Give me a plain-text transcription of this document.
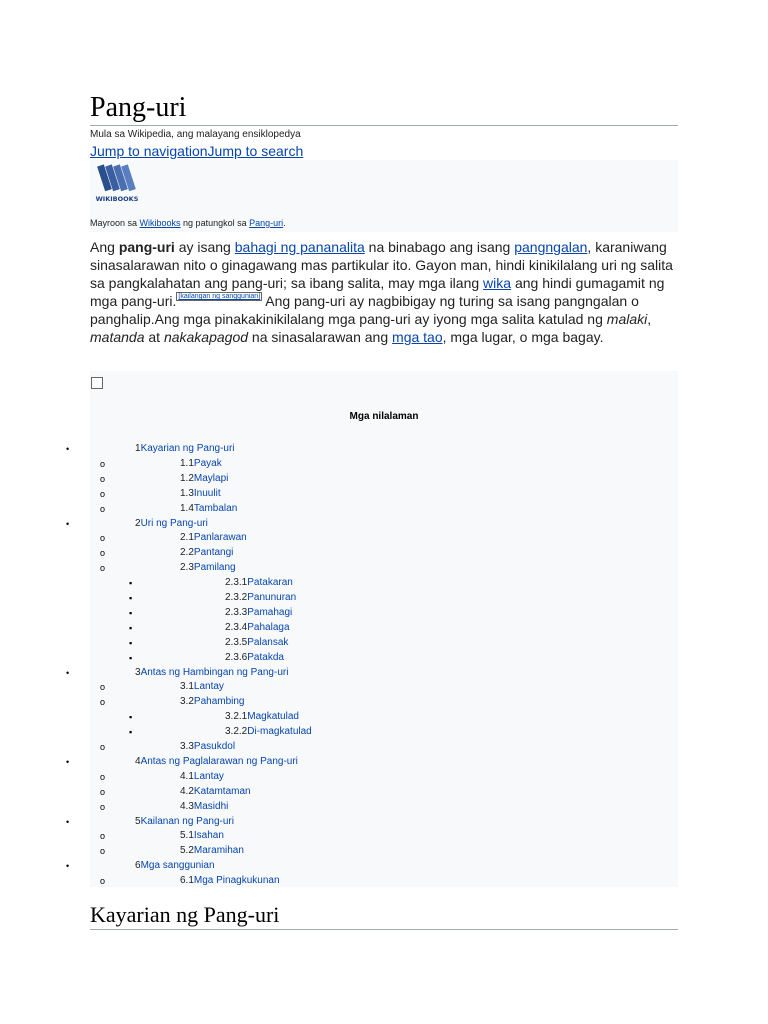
Pang-uri
Mula sa Wikipedia, ang malayang ensiklopedya
Jump to navigationJump to search
WIKIBOOKS
Mayroon sa Wikibooks ng patungkol sa Pang-uri.
Ang pang-uri ay isang bahagi ng pananalita na binabago ang isang pangngalan, karaniwang sinasalarawan nito o ginagawang mas partikular ito. Gayon man, hindi kinikilalang uri ng salita sa pangkalahatan ang pang-uri; sa ibang salita, may mga ilang wika ang hindi gumagamit ng mga pang-uri. [kailangan ng sanggunian] Ang pang-uri ay nagbibigay ng turing sa isang pangngalan o panghalip.Ang mga pinakakinikilalang mga pang-uri ay iyong mga salita katulad ng malaki, matanda at nakakapagod na sinasalarawan ang mga tao, mga lugar, o mga bagay.
Mga nilalaman
•	1Kayarian ng Pang-uri
o	1.1Payak
o	1.2Maylapi
o	1.3Inuulit
o	1.4Tambalan
•	2Uri ng Pang-uri
o	2.1Panlarawan
o	2.2Pantangi
o	2.3Pamilang
▪	2.3.1Patakaran
▪	2.3.2Panunuran
▪	2.3.3Pamahagi
▪	2.3.4Pahalaga
▪	2.3.5Palansak
▪	2.3.6Patakda
•	3Antas ng Hambingan ng Pang-uri
o	3.1Lantay
o	3.2Pahambing
▪	3.2.1Magkatulad
▪	3.2.2Di-magkatulad
o	3.3Pasukdol
•	4Antas ng Paglalarawan ng Pang-uri
o	4.1Lantay
o	4.2Katamtaman
o	4.3Masidhi
•	5Kailanan ng Pang-uri
o	5.1Isahan
o	5.2Maramihan
•	6Mga sanggunian
o	6.1Mga Pinagkukunan
Kayarian ng Pang-uri
